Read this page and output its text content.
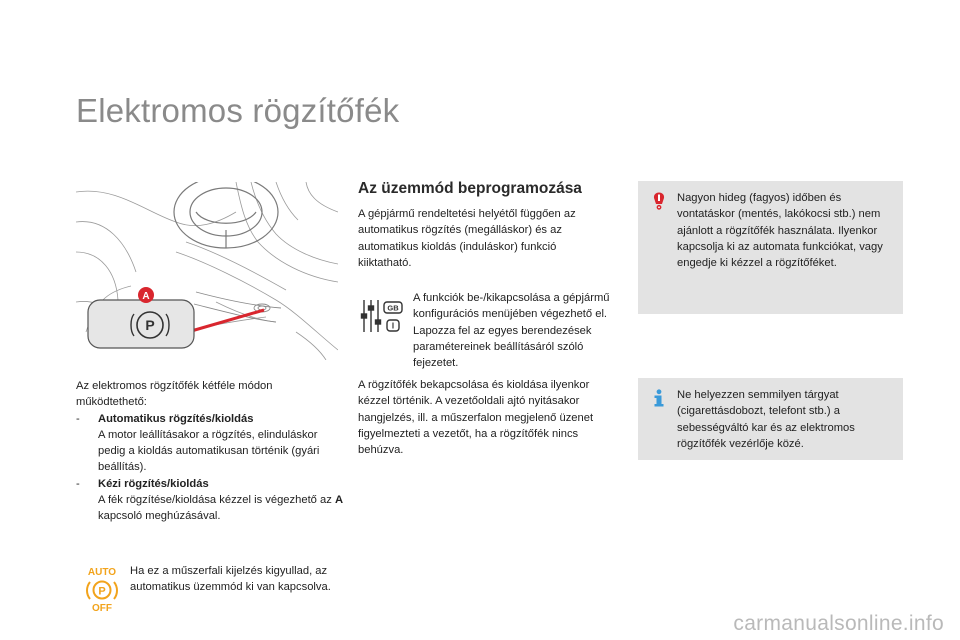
Elektromos rögzítőfék
P
A

Az elektromos rögzítőfék kétféle módon működtethető:

-	Automatikus rögzítés/kioldás
A motor leállításakor a rögzítés, elinduláskor pedig a kioldás automatikusan történik (gyári beállítás).
-	Kézi rögzítés/kioldás
A fék rögzítése/kioldása kézzel is végezhető az A kapcsoló meghúzásával.
AUTO
P
OFF
Ha ez a műszerfali kijelzés kigyullad, az automatikus üzemmód ki van kapcsolva.
Az üzemmód beprogramozása

A gépjármű rendeltetési helyétől függően az automatikus rögzítés (megálláskor) és az automatikus kioldás (induláskor) funkció kiiktatható.

GB
I

A funkciók be-/kikapcsolása a gépjármű konfigurációs menüjében végezhető el. Lapozza fel az egyes berendezések paramétereinek beállításáról szóló fejezetet.

A rögzítőfék bekapcsolása és kioldása ilyenkor kézzel történik. A vezetőoldali ajtó nyitásakor hangjelzés, ill. a műszerfalon megjelenő üzenet figyelmezteti a vezetőt, ha a rögzítőfék nincs behúzva.

Nagyon hideg (fagyos) időben és vontatáskor (mentés, lakókocsi stb.) nem ajánlott a rögzítőfék használata. Ilyenkor kapcsolja ki az automata funkciókat, vagy engedje ki kézzel a rögzítőféket.
Ne helyezzen semmilyen tárgyat (cigarettásdobozt, telefont stb.) a sebességváltó kar és az elektromos rögzítőfék vezérlője közé.
carmanualsonline.info
